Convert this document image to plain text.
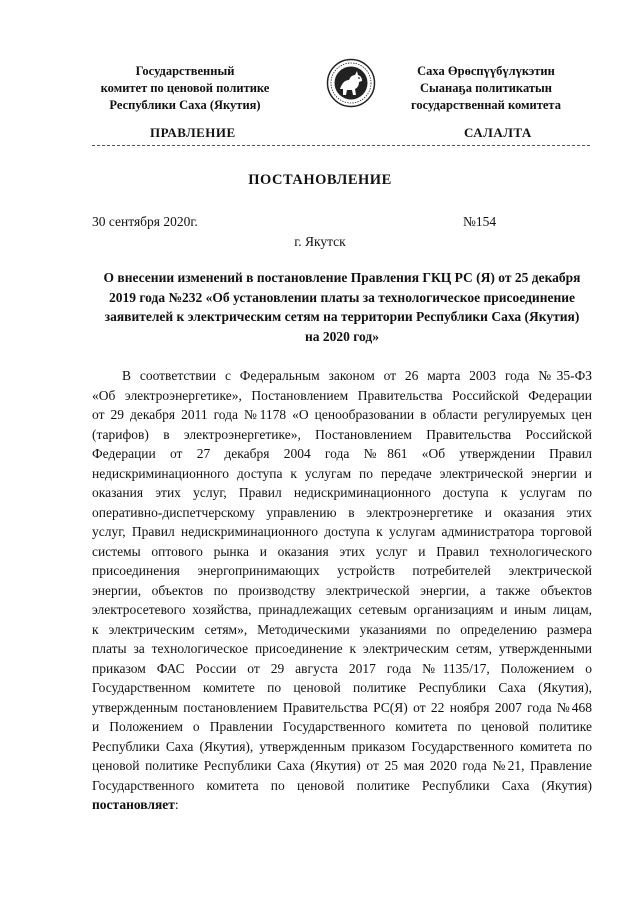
Государственный
комитет по ценовой политике
Республики Саха (Якутия)
Саха Өрөспүүбүлүкэтин
Сыанаҕа политикатын
государственнай комитета
ПРАВЛЕНИЕ	САЛАЛТА
ПОСТАНОВЛЕНИЕ
30 сентября 2020г.	№154
г. Якутск
О внесении изменений в постановление Правления ГКЦ РС (Я) от 25 декабря
2019 года №232 «Об установлении платы за технологическое присоединение
заявителей к электрическим сетям на территории Республики Саха (Якутия)
на 2020 год»
В соответствии с Федеральным законом от 26 марта 2003 года №35-ФЗ
«Об электроэнергетике», Постановлением Правительства Российской Федерации
от 29 декабря 2011 года №1178 «О ценообразовании в области регулируемых цен
(тарифов) в электроэнергетике», Постановлением Правительства Российской
Федерации от 27 декабря 2004 года №861 «Об утверждении Правил
недискриминационного доступа к услугам по передаче электрической энергии и
оказания этих услуг, Правил недискриминационного доступа к услугам по
оперативно-диспетчерскому управлению в электроэнергетике и оказания этих
услуг, Правил недискриминационного доступа к услугам администратора торговой
системы оптового рынка и оказания этих услуг и Правил технологического
присоединения энергопринимающих устройств потребителей электрической
энергии, объектов по производству электрической энергии, а также объектов
электросетевого хозяйства, принадлежащих сетевым организациям и иным лицам,
к электрическим сетям», Методическими указаниями по определению размера
платы за технологическое присоединение к электрическим сетям, утвержденными
приказом ФАС России от 29 августа 2017 года №1135/17, Положением о
Государственном комитете по ценовой политике Республики Саха (Якутия),
утвержденным постановлением Правительства РС(Я) от 22 ноября 2007 года №468
и Положением о Правлении Государственного комитета по ценовой политике
Республики Саха (Якутия), утвержденным приказом Государственного комитета по
ценовой политике Республики Саха (Якутия) от 25 мая 2020 года №21, Правление
Государственного комитета по ценовой политике Республики Саха (Якутия)
постановляет:
